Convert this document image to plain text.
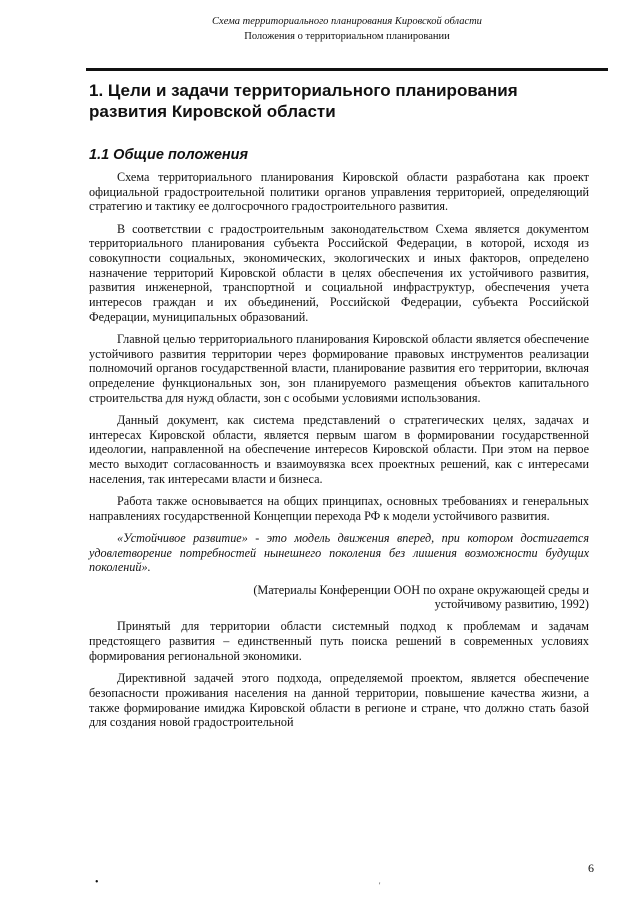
Схема территориального планирования Кировской области
Положения о территориальном планировании
1. Цели и задачи территориального планирования развития Кировской области
1.1 Общие положения

Схема территориального планирования Кировской области разработана как проект официальной градостроительной политики органов управления территорией, определяющий стратегию и тактику ее долгосрочного градостроительного развития.

В соответствии с градостроительным законодательством Схема является документом территориального планирования субъекта Российской Федерации, в которой, исходя из совокупности социальных, экономических, экологических и иных факторов, определено назначение территорий Кировской области в целях обеспечения их устойчивого развития, развития инженерной, транспортной и социальной инфраструктур, обеспечения учета интересов граждан и их объединений, Российской Федерации, субъекта Российской Федерации, муниципальных образований.

Главной целью территориального планирования Кировской области является обеспечение устойчивого развития территории через формирование правовых инструментов реализации полномочий органов государственной власти, планирование развития его территории, включая определение функциональных зон, зон планируемого размещения объектов капитального строительства для нужд области, зон с особыми условиями использования.

Данный документ, как система представлений о стратегических целях, задачах и интересах Кировской области, является первым шагом в формировании государственной идеологии, направленной на обеспечение интересов Кировской области. При этом на первое место выходит согласованность и взаимоувязка всех проектных решений, как с интересами населения, так интересами власти и бизнеса.

Работа также основывается на общих принципах, основных требованиях и генеральных направлениях государственной Концепции перехода РФ к модели устойчивого развития.

«Устойчивое развитие» - это модель движения вперед, при котором достигается удовлетворение потребностей нынешнего поколения без лишения возможности будущих поколений».

(Материалы Конференции ООН по охране окружающей среды и устойчивому развитию, 1992)

Принятый для территории области системный подход к проблемам и задачам предстоящего развития – единственный путь поиска решений в современных условиях формирования региональной экономики.

Директивной задачей этого подхода, определяемой проектом, является обеспечение безопасности проживания населения на данной территории, повышение качества жизни, а также формирование имиджа Кировской области в регионе и стране, что должно стать базой для создания новой градостроительной

•	'
6
